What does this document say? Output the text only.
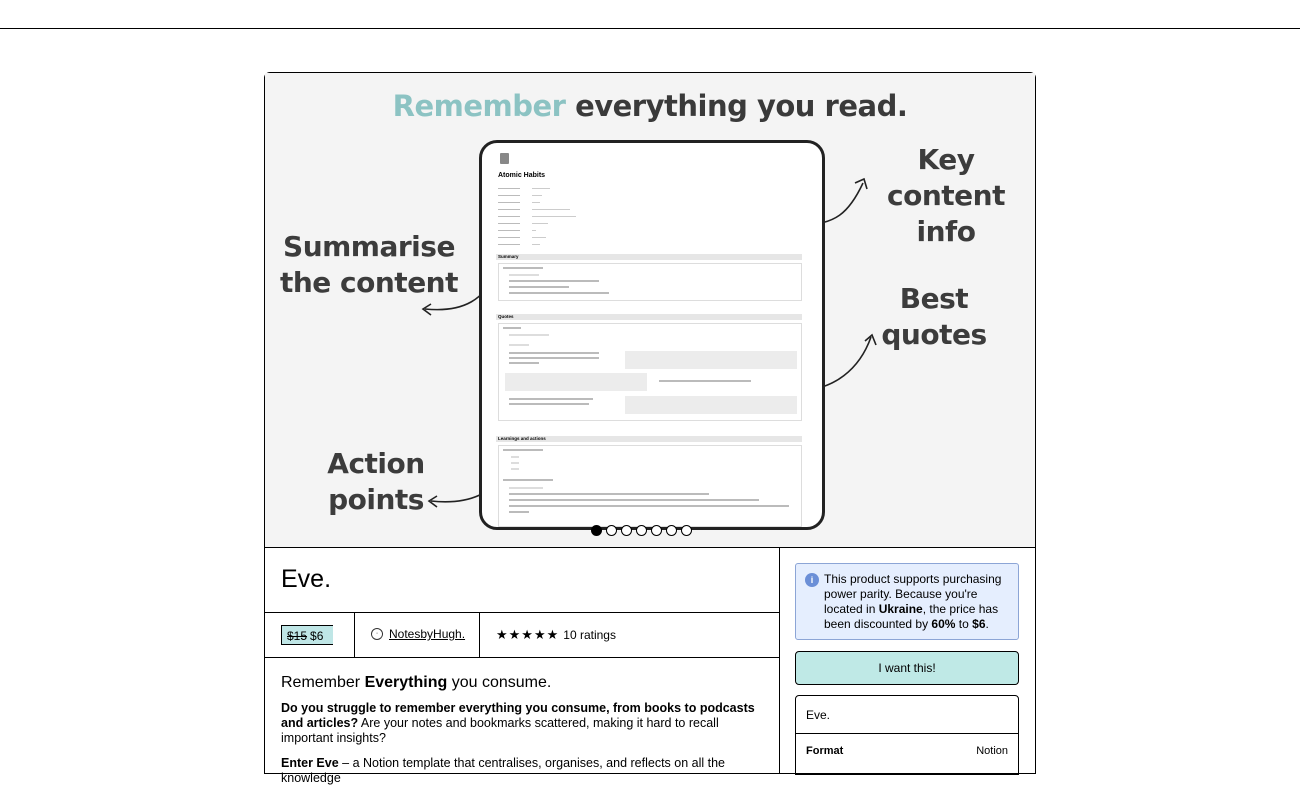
Remember everything you read.
Key
content info
Summarise
the content	Best
quotes
Action points
Atomic Habits
Summary
Quotes
Learnings and actions
Eve.
$15 $6	· NotesbyHugh. ★★★★★ 10 ratings
Remember Everything you consume.

Do you struggle to remember everything you consume, from books to podcasts and articles? Are your notes and bookmarks scattered, making it hard to recall important insights?

Enter Eve – a Notion template that centralises, organises, and reflects on all the knowledge

i This product supports purchasing power parity. Because you're located in Ukraine, the price has been discounted by 60% to $6.
I want this!
Eve.
Format	Notion
